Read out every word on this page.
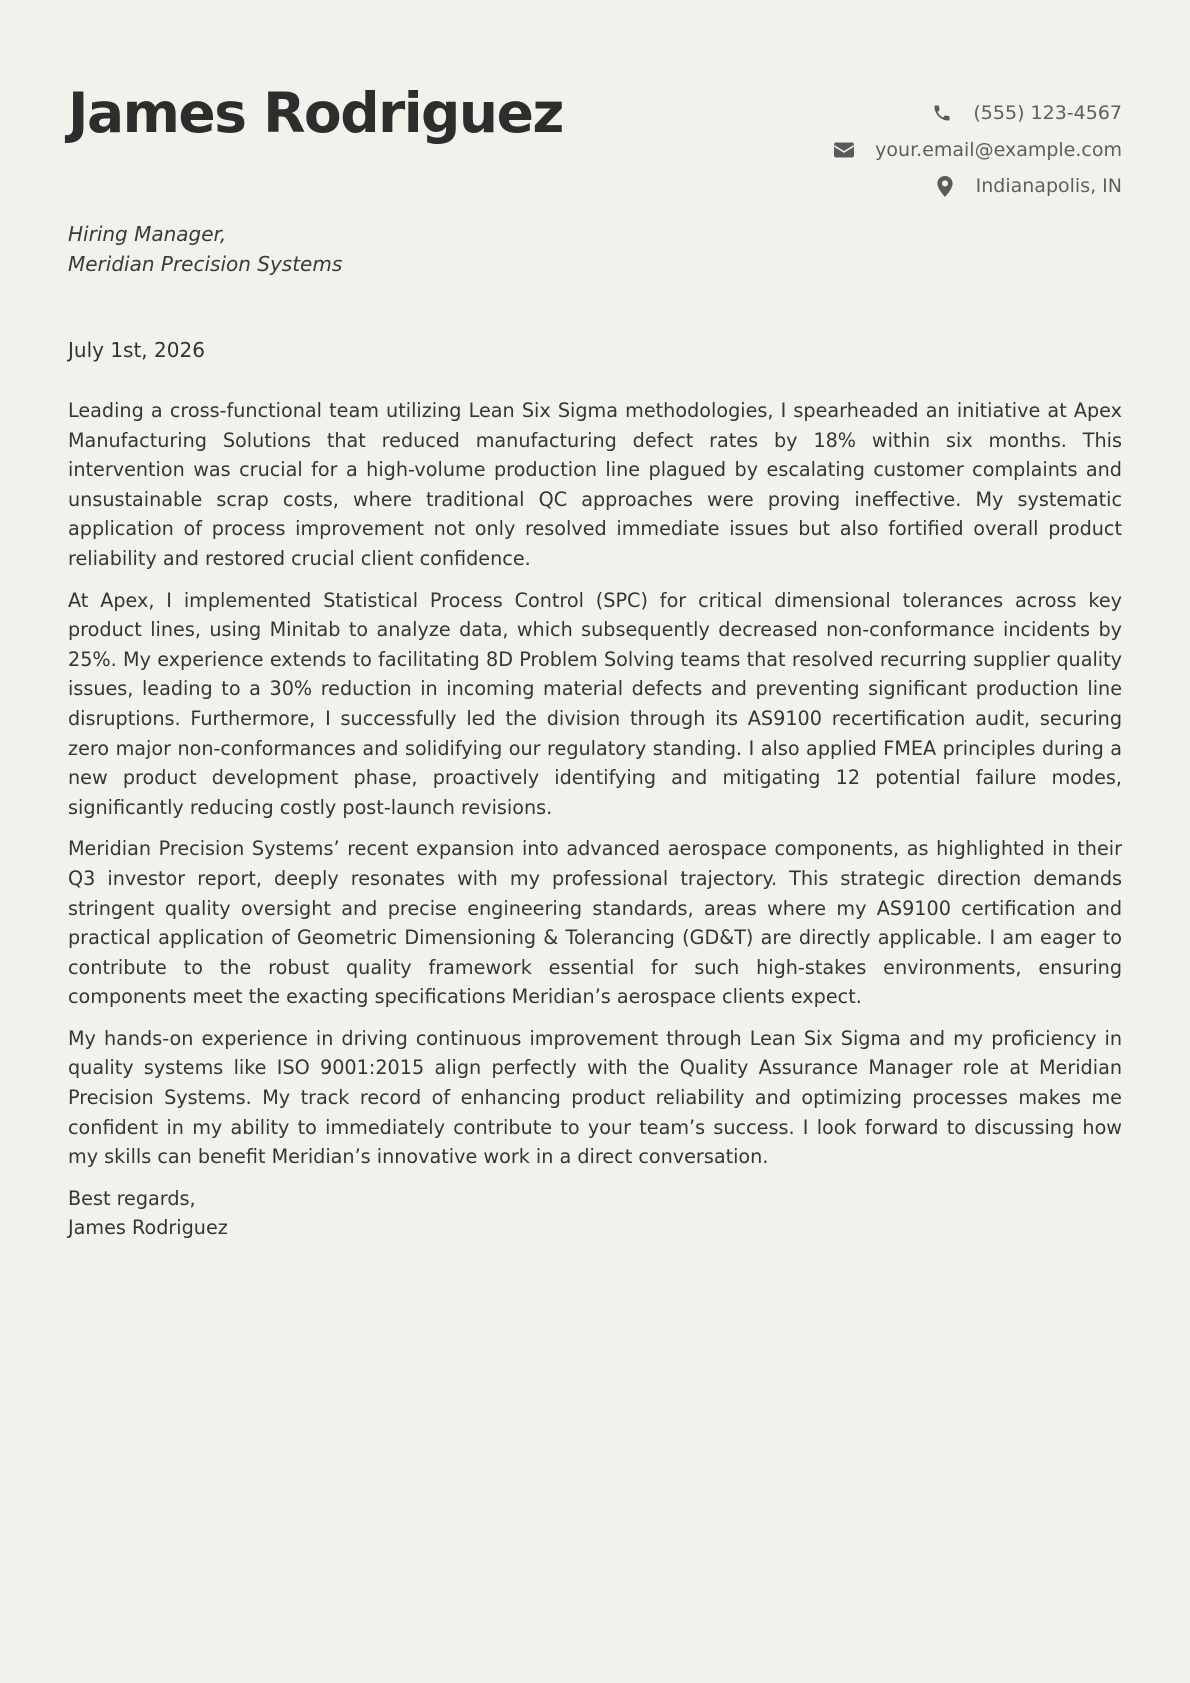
James Rodriguez	(555) 123-4567
your.email@example.com
Indianapolis, IN
Hiring Manager,
Meridian Precision Systems
July 1st, 2026

Leading a cross-functional team utilizing Lean Six Sigma methodologies, I spearheaded an initiative at Apex Manufacturing Solutions that reduced manufacturing defect rates by 18% within six months. This intervention was crucial for a high-volume production line plagued by escalating customer complaints and unsustainable scrap costs, where traditional QC approaches were proving ineffective. My systematic application of process improvement not only resolved immediate issues but also fortified overall product reliability and restored crucial client confidence.

At Apex, I implemented Statistical Process Control (SPC) for critical dimensional tolerances across key product lines, using Minitab to analyze data, which subsequently decreased non-conformance incidents by 25%. My experience extends to facilitating 8D Problem Solving teams that resolved recurring supplier quality issues, leading to a 30% reduction in incoming material defects and preventing significant production line disruptions. Furthermore, I successfully led the division through its AS9100 recertification audit, securing zero major non-conformances and solidifying our regulatory standing. I also applied FMEA principles during a new product development phase, proactively identifying and mitigating 12 potential failure modes, significantly reducing costly post-launch revisions.

Meridian Precision Systems’ recent expansion into advanced aerospace components, as highlighted in their Q3 investor report, deeply resonates with my professional trajectory. This strategic direction demands stringent quality oversight and precise engineering standards, areas where my AS9100 certification and practical application of Geometric Dimensioning & Tolerancing (GD&T) are directly applicable. I am eager to contribute to the robust quality framework essential for such high-stakes environments, ensuring components meet the exacting specifications Meridian’s aerospace clients expect.

My hands-on experience in driving continuous improvement through Lean Six Sigma and my proficiency in quality systems like ISO 9001:2015 align perfectly with the Quality Assurance Manager role at Meridian Precision Systems. My track record of enhancing product reliability and optimizing processes makes me confident in my ability to immediately contribute to your team’s success. I look forward to discussing how my skills can benefit Meridian’s innovative work in a direct conversation.

Best regards,
James Rodriguez
